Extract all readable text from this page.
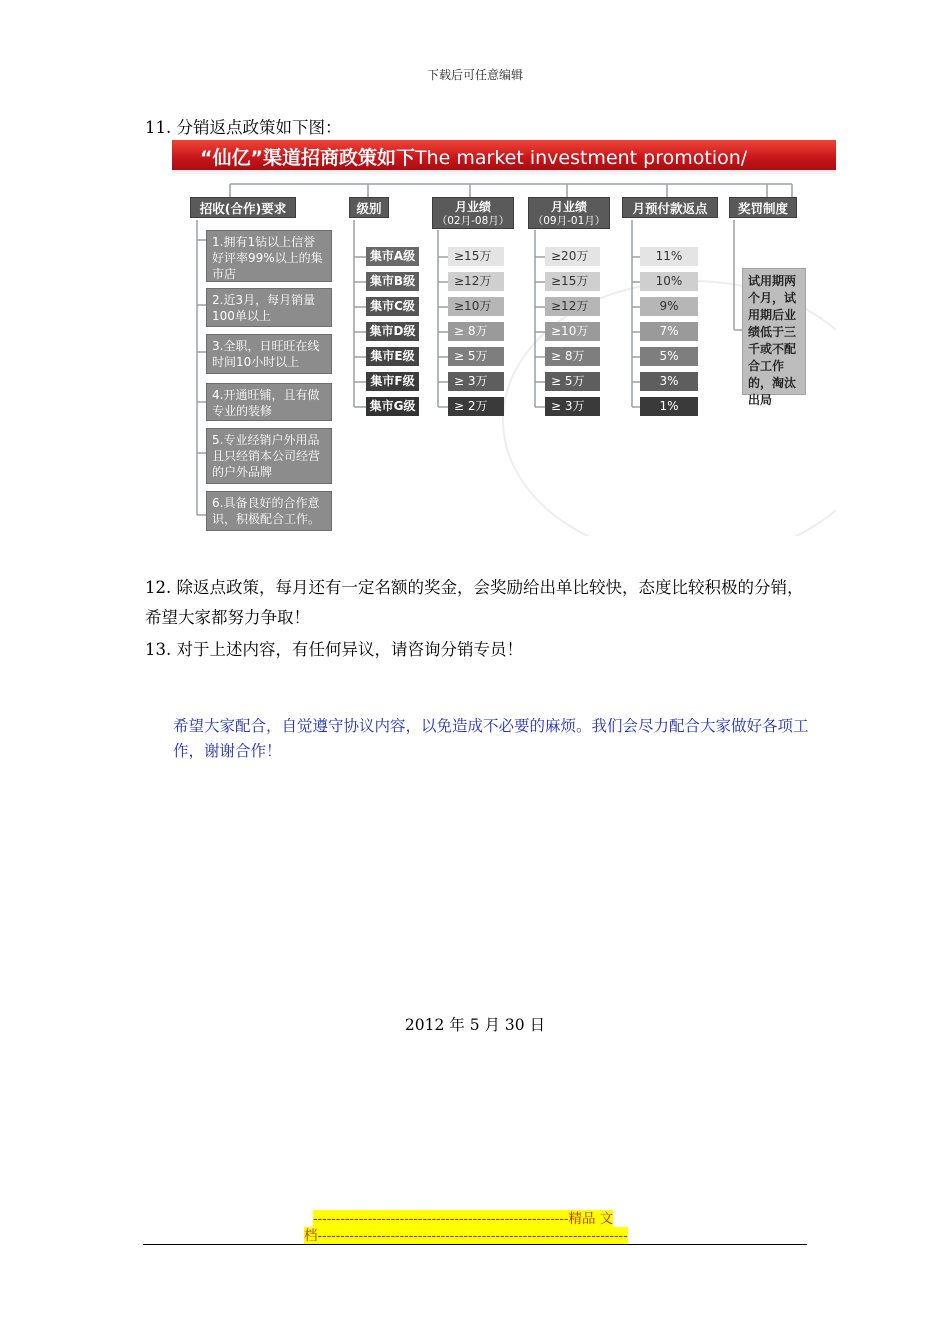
下载后可任意编辑
11. 分销返点政策如下图：
“仙亿”渠道招商政策如下The market investment promotion/
招收(合作)要求	级别	月业绩
（02月-08月）
月业绩
（09月-01月）
月预付款返点	奖罚制度
1.拥有1钻以上信誉好评率99%以上的集市店
2.近3月，每月销量100单以上
3.全职，日旺旺在线时间10小时以上
4.开通旺铺，且有做专业的装修
5.专业经销户外用品且只经销本公司经营的户外品牌
6.具备良好的合作意识，积极配合工作。
集市A级	≥15万	≥20万	11%
集市B级	≥12万	≥15万	10%
集市C级	≥10万	≥12万	9%
集市D级	≥ 8万	≥10万	7%
集市E级	≥ 5万	≥ 8万	5%
集市F级	≥ 3万	≥ 5万	3%
集市G级	≥ 2万	≥ 3万	1%
试用期两个月，试用期后业绩低于三千或不配合工作的，淘汰出局
12. 除返点政策，每月还有一定名额的奖金，会奖励给出单比较快，态度比较积极的分销，希望大家都努力争取！
13. 对于上述内容，有任何异议，请咨询分销专员！
希望大家配合，自觉遵守协议内容，以免造成不必要的麻烦。我们会尽力配合大家做好各项工作，谢谢合作！
2012 年 5 月 30 日
--------------------------------------------------------精品 文
档--------------------------------------------------------------------
